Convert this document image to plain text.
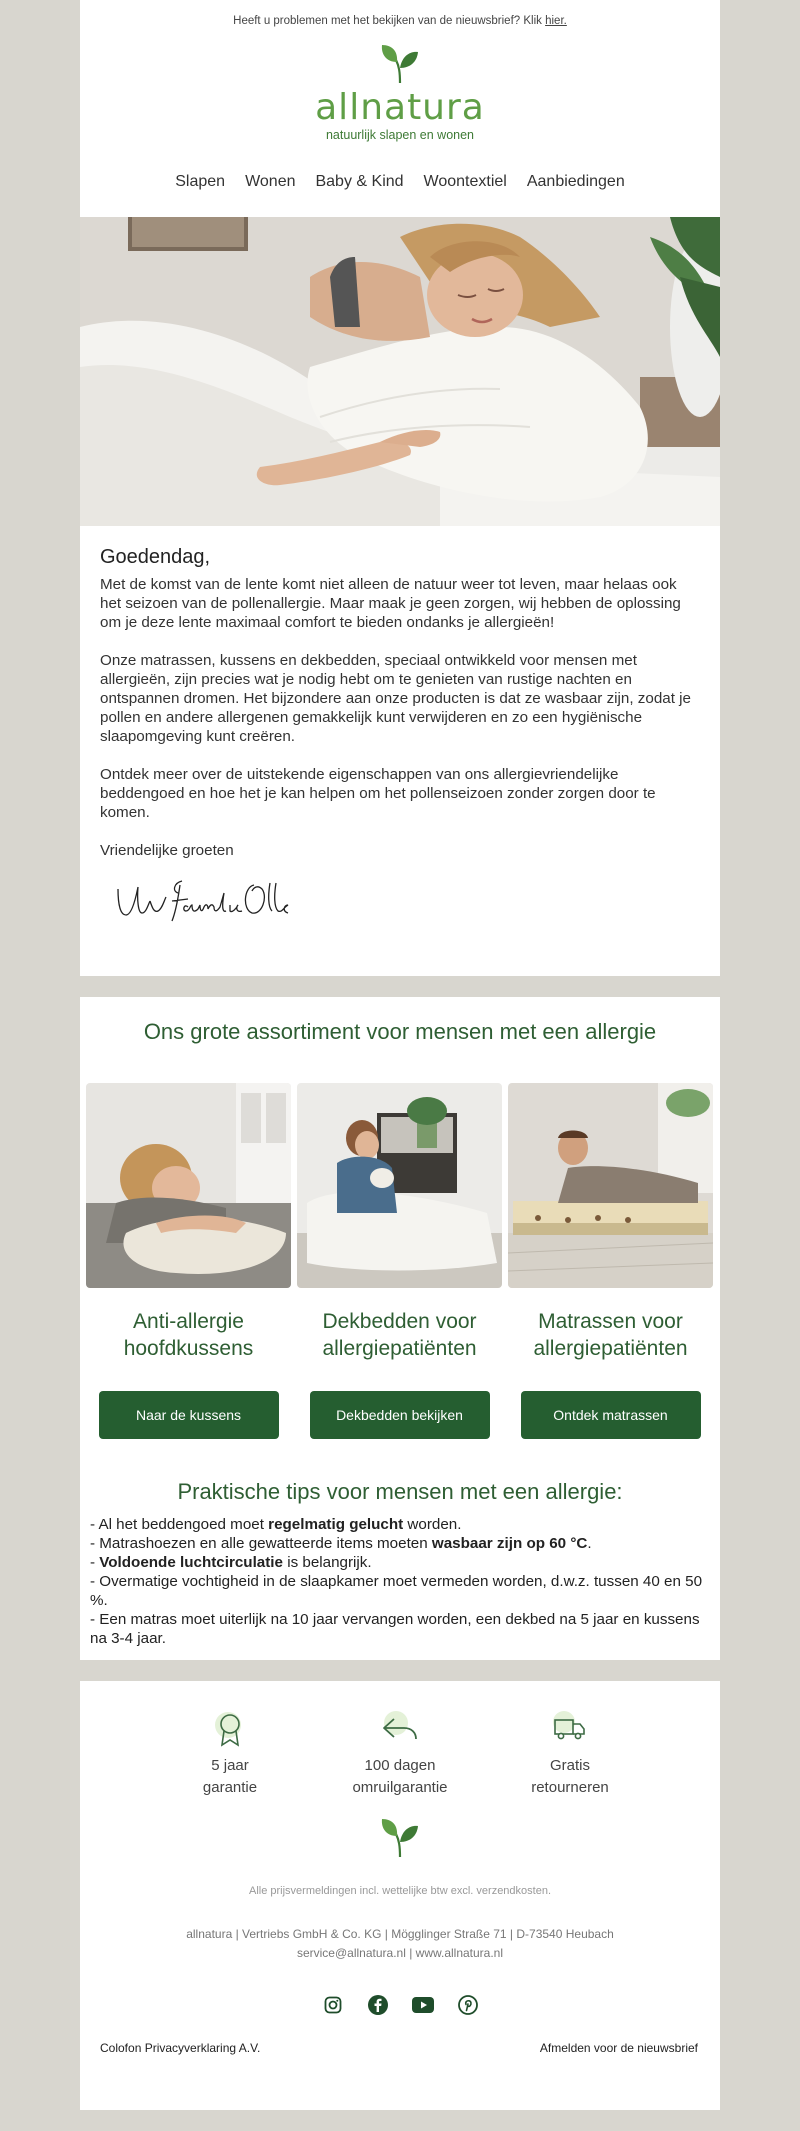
Heeft u problemen met het bekijken van de nieuwsbrief? Klik hier.
allnatura
natuurlijk slapen en wonen
Slapen Wonen Baby & Kind Woontextiel Aanbiedingen
Goedendag,

Met de komst van de lente komt niet alleen de natuur weer tot leven, maar helaas ook het seizoen van de pollenallergie. Maar maak je geen zorgen, wij hebben de oplossing om je deze lente maximaal comfort te bieden ondanks je allergieën!

Onze matrassen, kussens en dekbedden, speciaal ontwikkeld voor mensen met allergieën, zijn precies wat je nodig hebt om te genieten van rustige nachten en ontspannen dromen. Het bijzondere aan onze producten is dat ze wasbaar zijn, zodat je pollen en andere allergenen gemakkelijk kunt verwijderen en zo een hygiënische slaapomgeving kunt creëren.

Ontdek meer over de uitstekende eigenschappen van ons allergievriendelijke beddengoed en hoe het je kan helpen om het pollenseizoen zonder zorgen door te komen.

Vriendelijke groeten

Ons grote assortiment voor mensen met een allergie
Anti-allergie hoofdkussens
Naar de kussens
Dekbedden voor allergiepatiënten
Dekbedden bekijken
Matrassen voor allergiepatiënten
Ontdek matrassen
Praktische tips voor mensen met een allergie:
- Al het beddengoed moet regelmatig gelucht worden.
- Matrashoezen en alle gewatteerde items moeten wasbaar zijn op 60 °C.
- Voldoende luchtcirculatie is belangrijk.
- Overmatige vochtigheid in de slaapkamer moet vermeden worden, d.w.z. tussen 40 en 50 %.
- Een matras moet uiterlijk na 10 jaar vervangen worden, een dekbed na 5 jaar en kussens na 3-4 jaar.
5 jaar
garantie
100 dagen
omruilgarantie
Gratis
retourneren
Alle prijsvermeldingen incl. wettelijke btw excl. verzendkosten.
allnatura | Vertriebs GmbH & Co. KG | Mögglinger Straße 71 | D-73540 Heubach
service@allnatura.nl | www.allnatura.nl
Colofon Privacyverklaring A.V.	Afmelden voor de nieuwsbrief
